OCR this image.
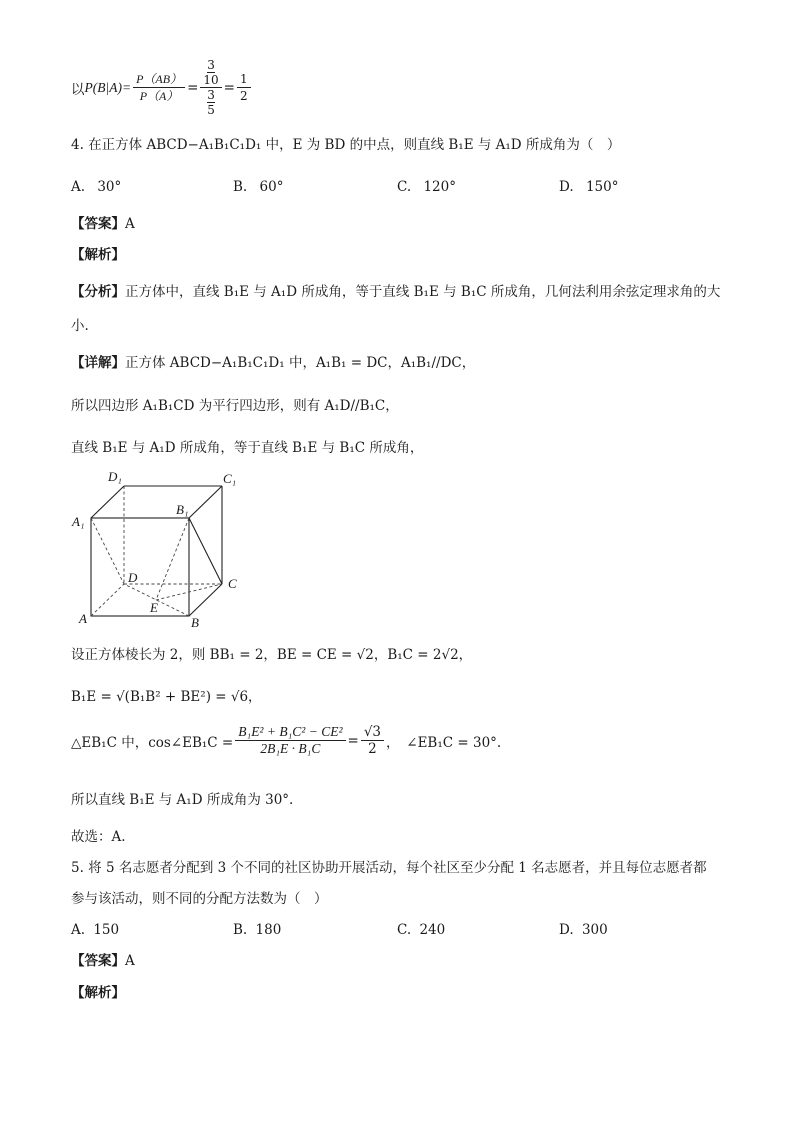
以 $P(B|A)= \frac{P(AB)}{P(A)} = \frac{\frac{3}{10}}{\frac{3}{5}} = \frac{1}{2}$
4. 在正方体 ABCD−A₁B₁C₁D₁ 中，E 为 BD 的中点，则直线 B₁E 与 A₁D 所成角为（　）
A. 30°	B. 60°	C. 120°	D. 150°
【答案】A
【解析】
【分析】正方体中，直线 B₁E 与 A₁D 所成角，等于直线 B₁E 与 B₁C 所成角，几何法利用余弦定理求角的大
小.
【详解】正方体 ABCD−A₁B₁C₁D₁ 中，A₁B₁ = DC，A₁B₁//DC，
所以四边形 A₁B₁CD 为平行四边形，则有 A₁D//B₁C，
直线 B₁E 与 A₁D 所成角，等于直线 B₁E 与 B₁C 所成角，
D₁	C₁
A₁
B₁
D	C
A	B
E
设正方体棱长为 2，则 BB₁ = 2，BE = CE = √2，B₁C = 2√2，
B₁E = √(B₁B² + BE²) = √6，
△EB₁C 中，cos∠EB₁C = $\frac{\text{B₁E² + B₁C² − CE²}}{\text{2B₁E · B₁C}} = \frac{√3}{2}$ ，　∠EB₁C = 30°.
所以直线 B₁E 与 A₁D 所成角为 30°.
故选：A.
5. 将 5 名志愿者分配到 3 个不同的社区协助开展活动，每个社区至少分配 1 名志愿者，并且每位志愿者都
参与该活动，则不同的分配方法数为（　）
A. 150	B. 180	C. 240	D. 300
【答案】A
【解析】
